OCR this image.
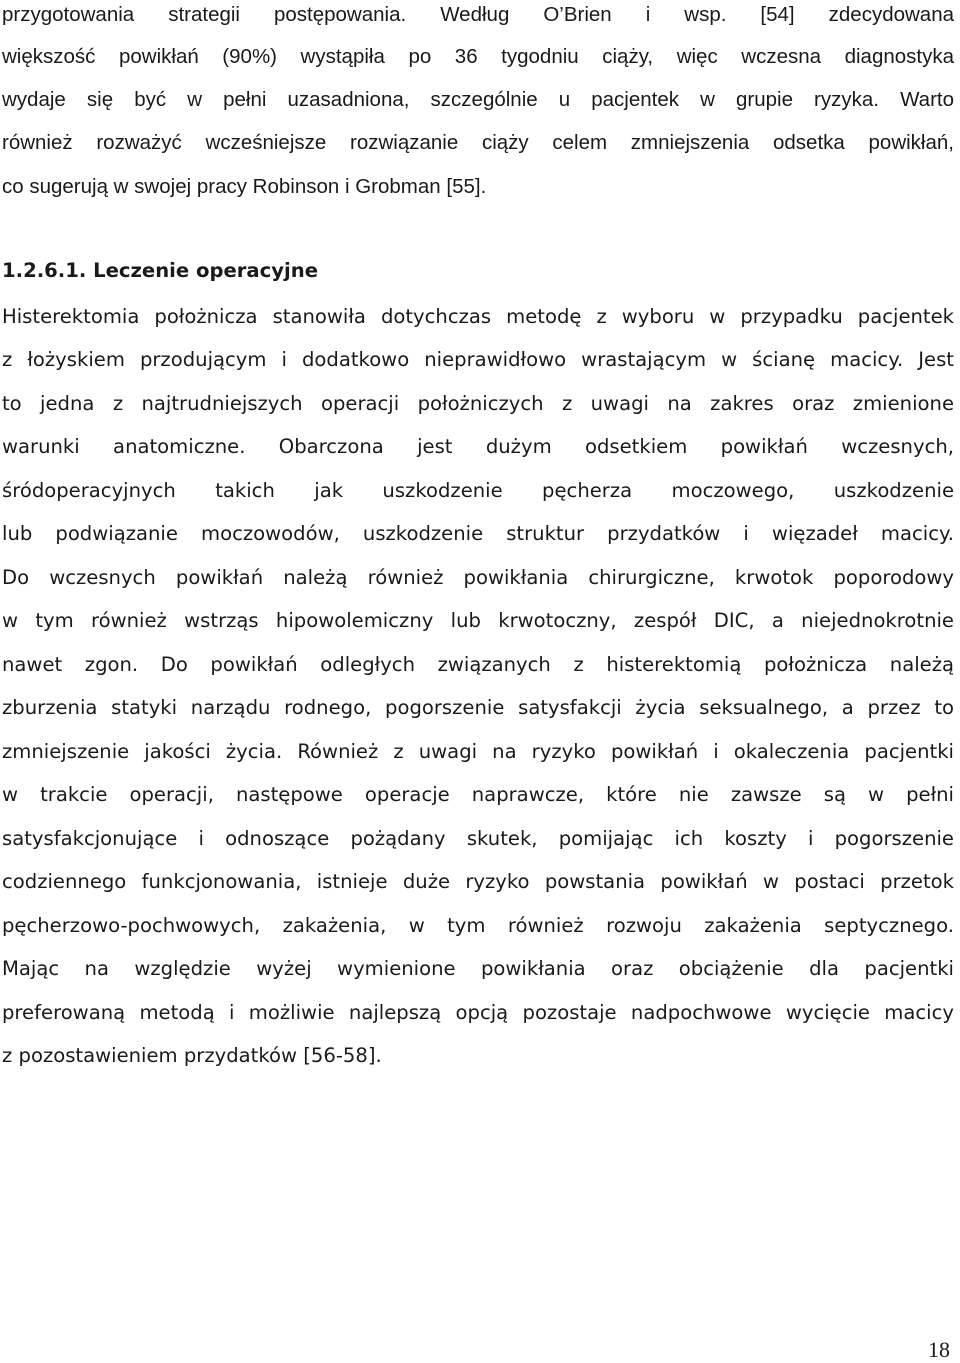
przygotowania strategii postępowania. Według O’Brien i wsp. [54] zdecydowana
większość powikłań (90%) wystąpiła po 36 tygodniu ciąży, więc wczesna diagnostyka
wydaje się być w pełni uzasadniona, szczególnie u pacjentek w grupie ryzyka. Warto
również rozważyć wcześniejsze rozwiązanie ciąży celem zmniejszenia odsetka powikłań,
co sugerują w swojej pracy Robinson i Grobman [55].
1.2.6.1. Leczenie operacyjne
Histerektomia położnicza stanowiła dotychczas metodę z wyboru w przypadku pacjentek
z łożyskiem przodującym i dodatkowo nieprawidłowo wrastającym w ścianę macicy. Jest
to jedna z najtrudniejszych operacji położniczych z uwagi na zakres oraz zmienione
warunki anatomiczne. Obarczona jest dużym odsetkiem powikłań wczesnych,
śródoperacyjnych takich jak uszkodzenie pęcherza moczowego, uszkodzenie
lub podwiązanie moczowodów, uszkodzenie struktur przydatków i więzadeł macicy.
Do wczesnych powikłań należą również powikłania chirurgiczne, krwotok poporodowy
w tym również wstrząs hipowolemiczny lub krwotoczny, zespół DIC, a niejednokrotnie
nawet zgon. Do powikłań odległych związanych z histerektomią położnicza należą
zburzenia statyki narządu rodnego, pogorszenie satysfakcji życia seksualnego, a przez to
zmniejszenie jakości życia. Również z uwagi na ryzyko powikłań i okaleczenia pacjentki
w trakcie operacji, następowe operacje naprawcze, które nie zawsze są w pełni
satysfakcjonujące i odnoszące pożądany skutek, pomijając ich koszty i pogorszenie
codziennego funkcjonowania, istnieje duże ryzyko powstania powikłań w postaci przetok
pęcherzowo-pochwowych, zakażenia, w tym również rozwoju zakażenia septycznego.
Mając na względzie wyżej wymienione powikłania oraz obciążenie dla pacjentki
preferowaną metodą i możliwie najlepszą opcją pozostaje nadpochwowe wycięcie macicy
z pozostawieniem przydatków [56-58].
18
